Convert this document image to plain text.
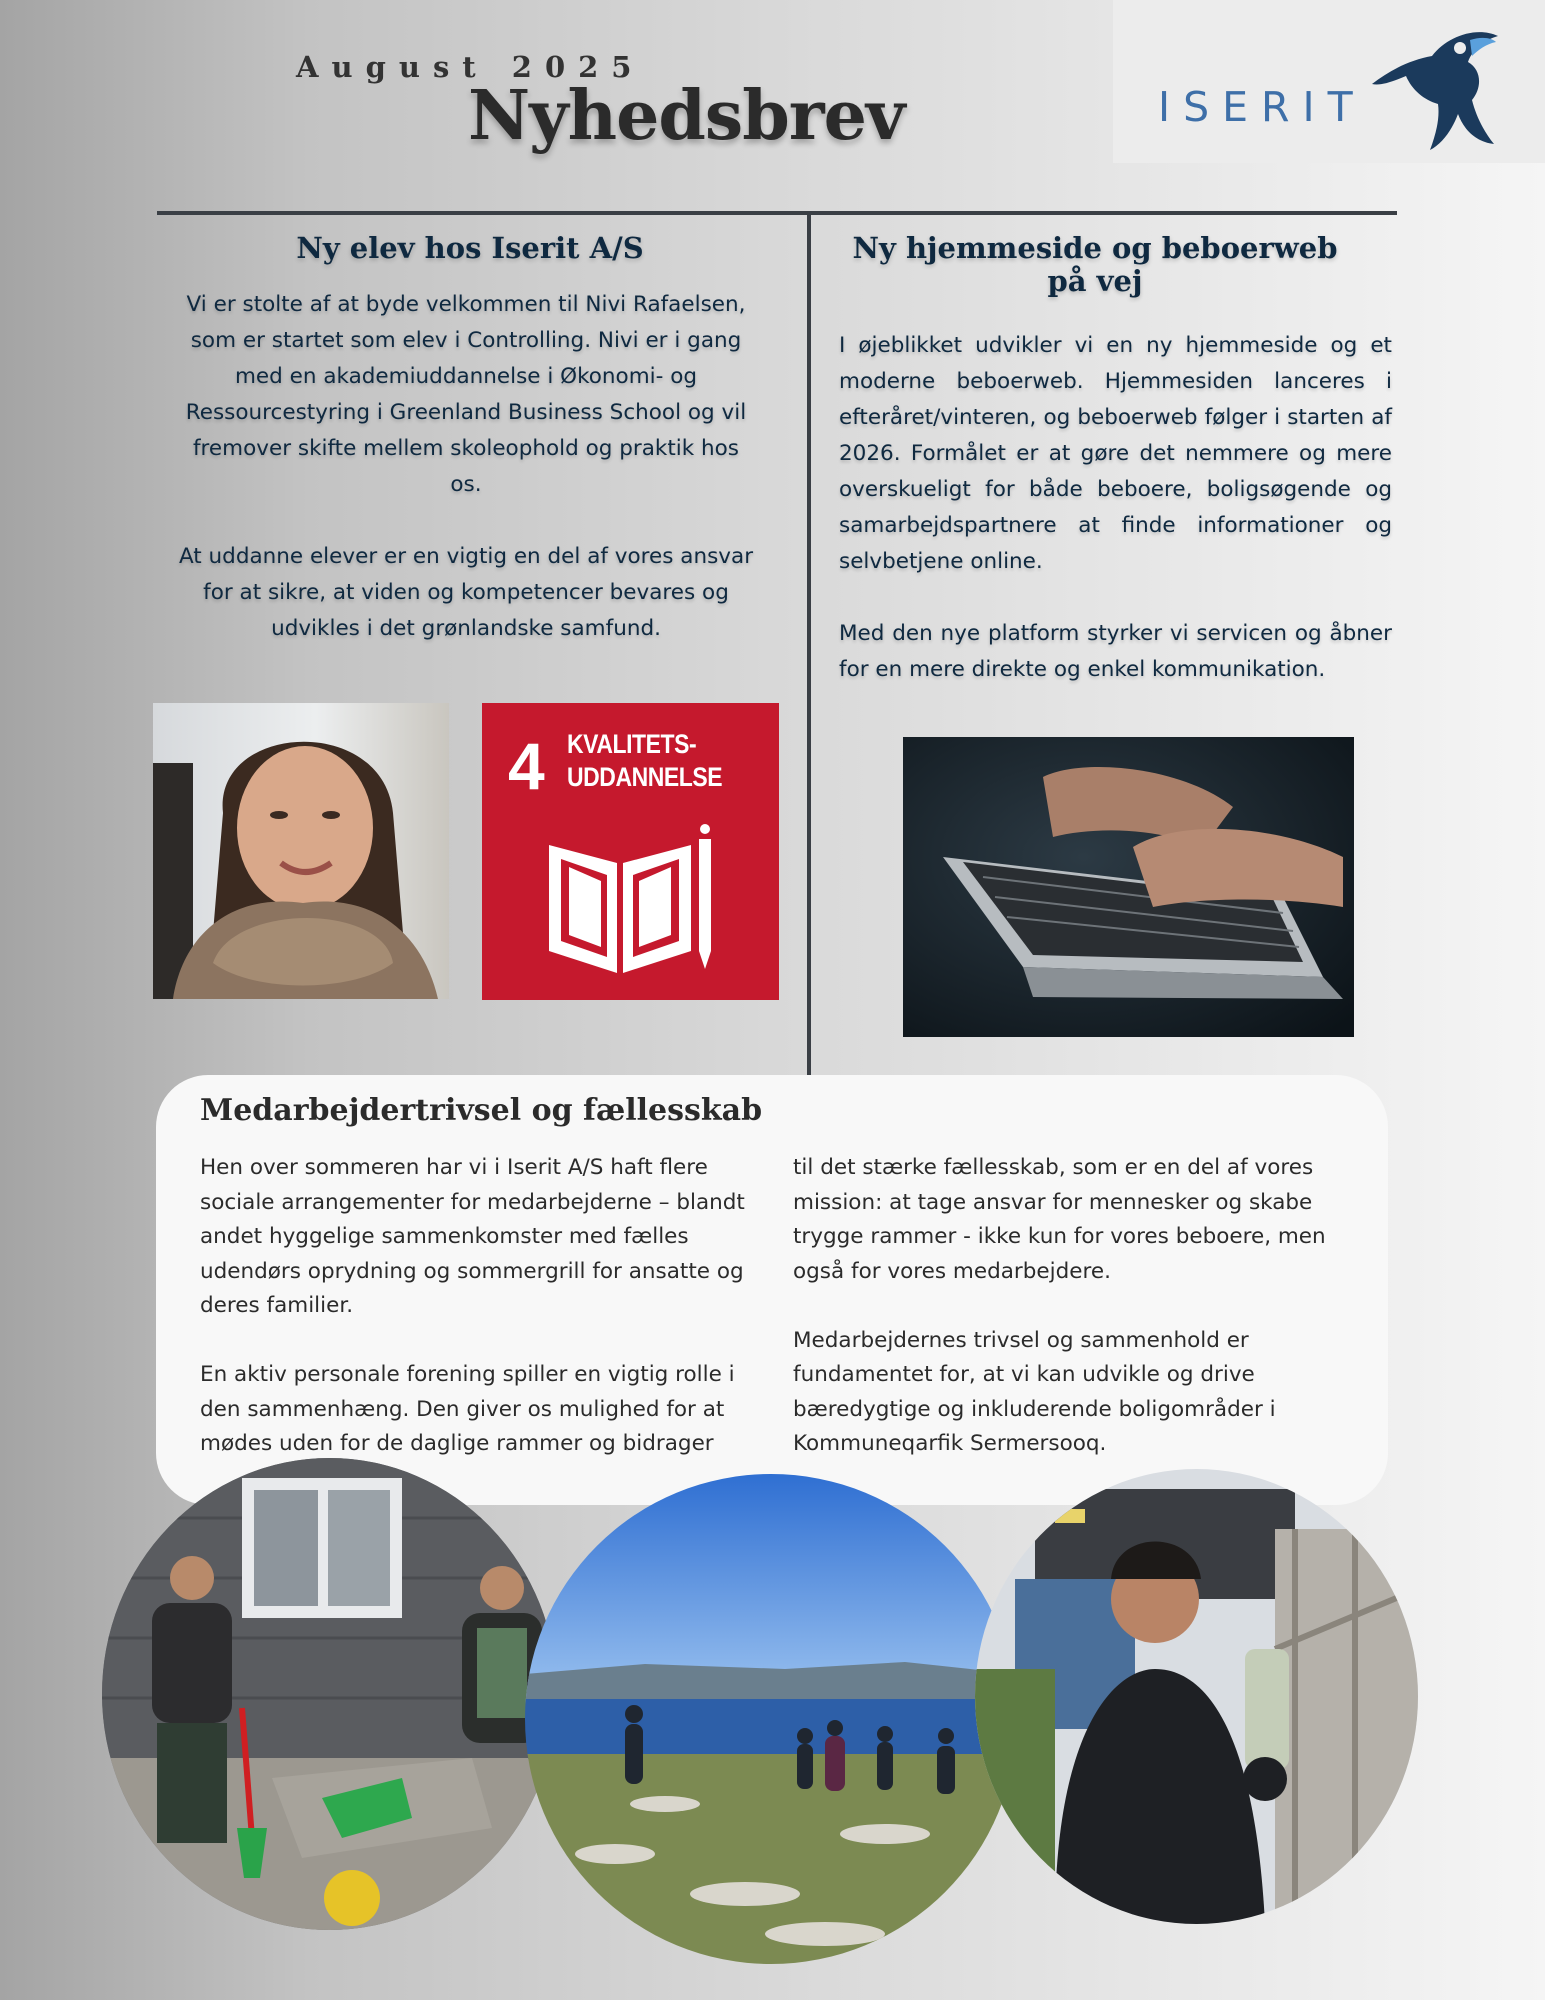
August 2025
Nyhedsbrev	ISERIT
Ny elev hos Iserit A/S

Vi er stolte af at byde velkommen til Nivi Rafaelsen, som er startet som elev i Controlling. Nivi er i gang med en akademiuddannelse i Økonomi- og Ressourcestyring i Greenland Business School og vil fremover skifte mellem skoleophold og praktik hos os.

At uddanne elever er en vigtig en del af vores ansvar for at sikre, at viden og kompetencer bevares og udvikles i det grønlandske samfund.

4 KVALITETS-
UDDANNELSE
Ny hjemmeside og beboerweb
på vej

I øjeblikket udvikler vi en ny hjemmeside og et moderne beboerweb. Hjemmesiden lanceres i efteråret/vinteren, og beboerweb følger i starten af 2026. Formålet er at gøre det nemmere og mere overskueligt for både beboere, boligsøgende og samarbejdspartnere at finde informationer og selvbetjene online.

Med den nye platform styrker vi servicen og åbner for en mere direkte og enkel kommunikation.

Medarbejdertrivsel og fællesskab

Hen over sommeren har vi i Iserit A/S haft flere sociale arrangementer for medarbejderne – blandt andet hyggelige sammenkomster med fælles udendørs oprydning og sommergrill for ansatte og deres familier.

En aktiv personale forening spiller en vigtig rolle i den sammenhæng. Den giver os mulighed for at mødes uden for de daglige rammer og bidrager

til det stærke fællesskab, som er en del af vores mission: at tage ansvar for mennesker og skabe trygge rammer - ikke kun for vores beboere, men også for vores medarbejdere.

Medarbejdernes trivsel og sammenhold er fundamentet for, at vi kan udvikle og drive bæredygtige og inkluderende boligområder i Kommuneqarfik Sermersooq.
